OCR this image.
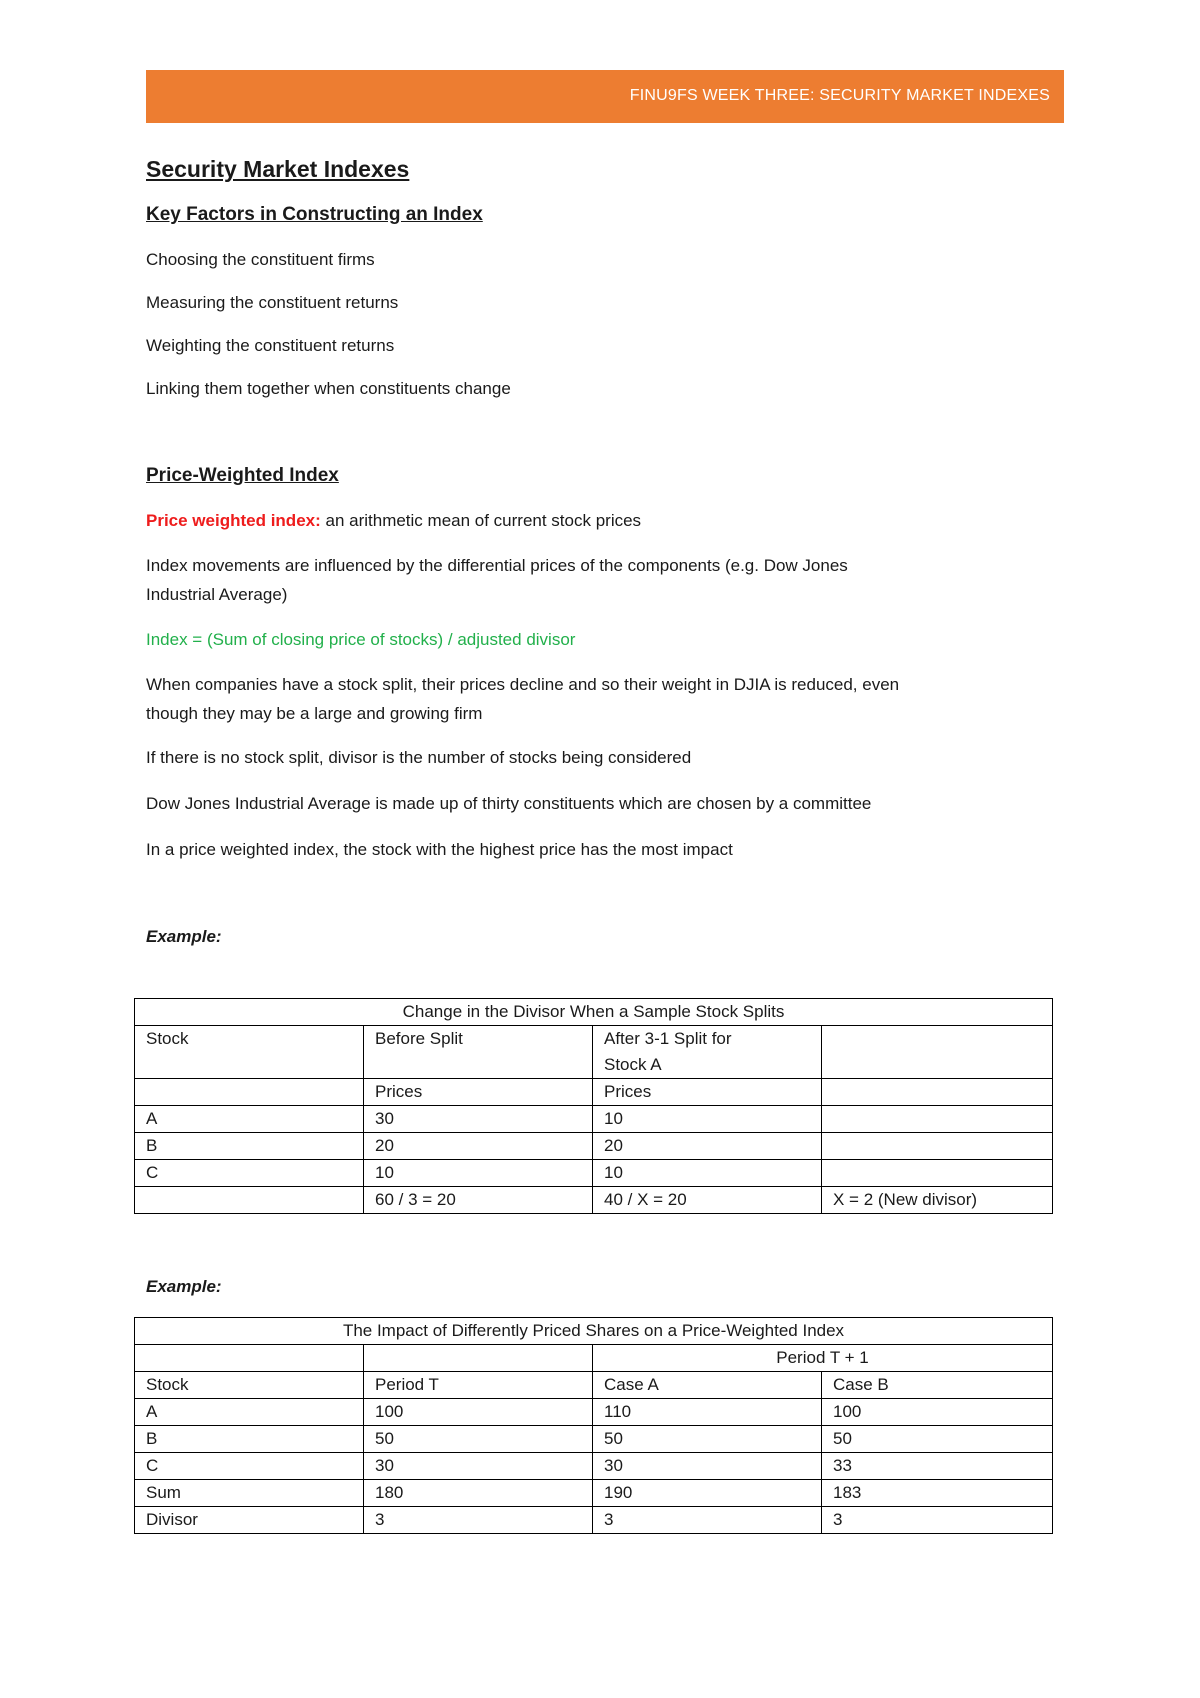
FINU9FS WEEK THREE: SECURITY MARKET INDEXES
Security Market Indexes
Key Factors in Constructing an Index

Choosing the constituent firms

Measuring the constituent returns

Weighting the constituent returns

Linking them together when constituents change

Price-Weighted Index

Price weighted index: an arithmetic mean of current stock prices

Index movements are influenced by the differential prices of the components (e.g. Dow Jones

Industrial Average)

Index = (Sum of closing price of stocks) / adjusted divisor

When companies have a stock split, their prices decline and so their weight in DJIA is reduced, even

though they may be a large and growing firm

If there is no stock split, divisor is the number of stocks being considered

Dow Jones Industrial Average is made up of thirty constituents which are chosen by a committee

In a price weighted index, the stock with the highest price has the most impact

Example:

Change in the Divisor When a Sample Stock Splits			
Stock	Before Split	After 3-1 Split for
Stock A	
	Prices	Prices	
A	30	10	
B	20	20	
C	10	10	
	60 / 3 = 20	40 / X = 20	X = 2 (New divisor)

Example:

The Impact of Differently Priced Shares on a Price-Weighted Index			
		Period T + 1	
Stock	Period T	Case A	Case B
A	100	110	100
B	50	50	50
C	30	30	33
Sum	180	190	183
Divisor	3	3	3
